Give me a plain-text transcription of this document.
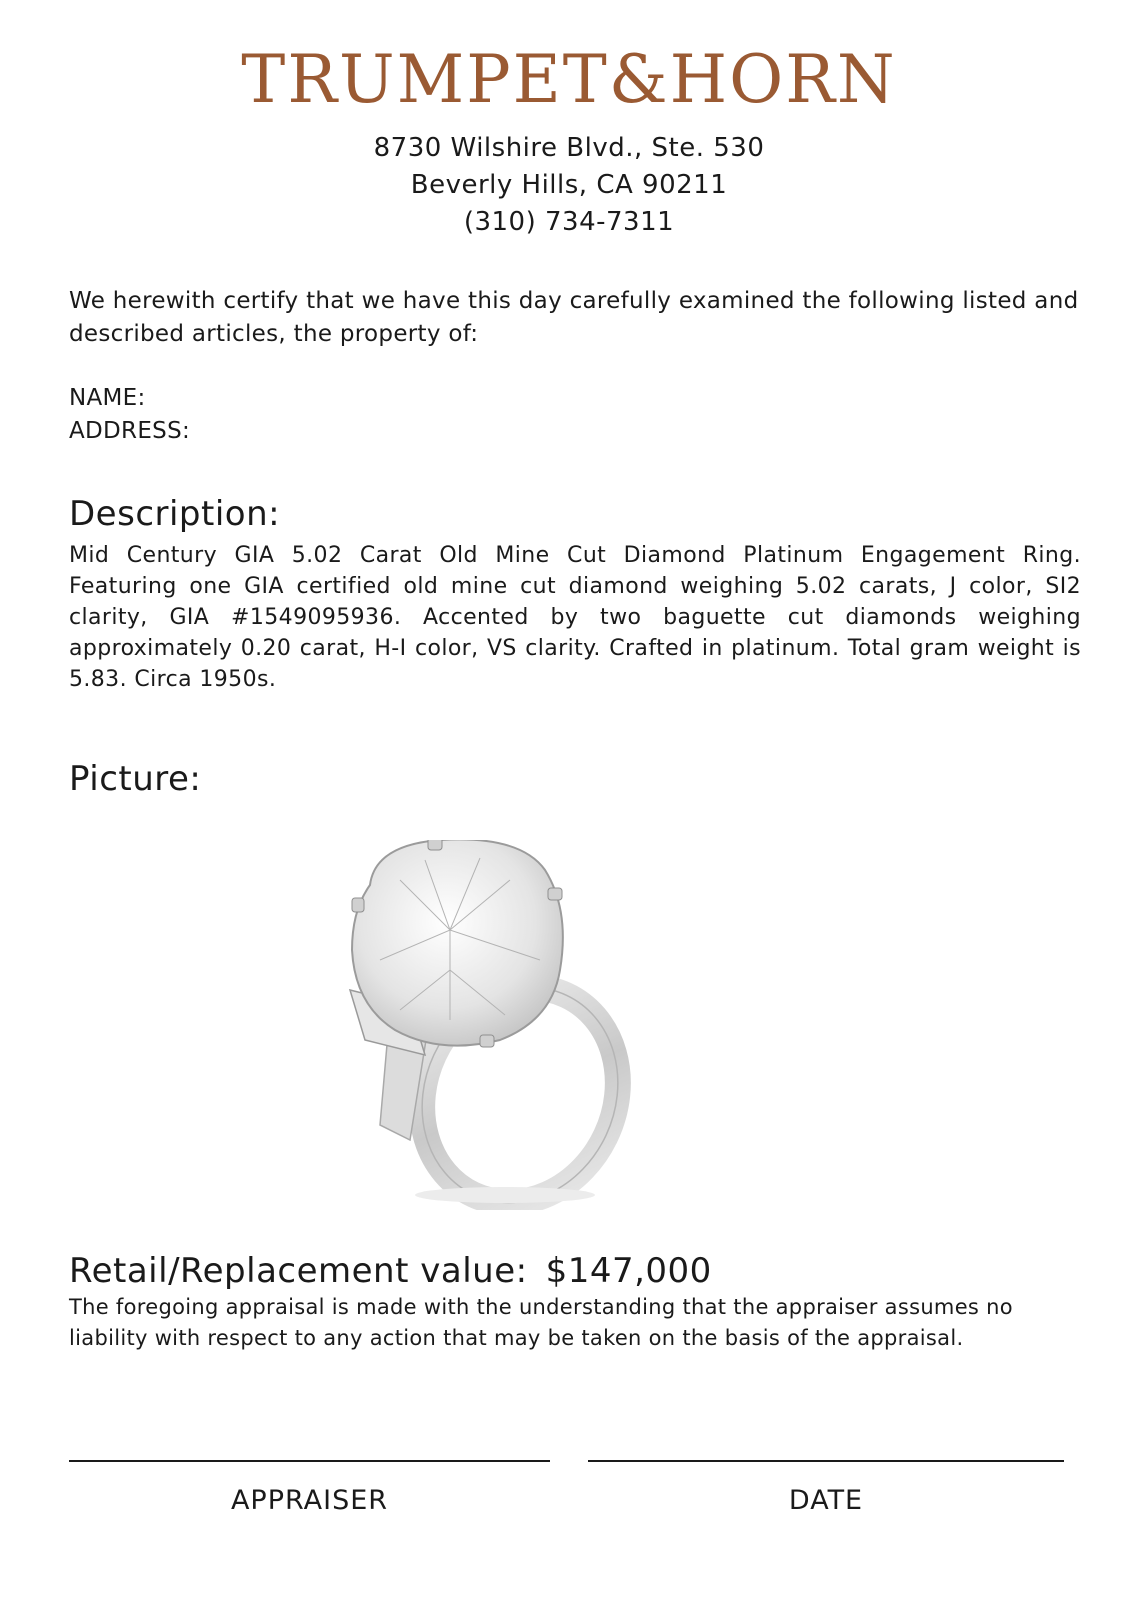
TRUMPET&HORN
8730 Wilshire Blvd., Ste. 530
Beverly Hills, CA 90211
(310) 734-7311
We herewith certify that we have this day carefully examined the following listed and described articles, the property of:
NAME:
ADDRESS:
Description:
Mid Century GIA 5.02 Carat Old Mine Cut Diamond Platinum Engagement Ring. Featuring one GIA certified old mine cut diamond weighing 5.02 carats, J color, SI2 clarity, GIA #1549095936. Accented by two baguette cut diamonds weighing approximately 0.20 carat, H-I color, VS clarity. Crafted in platinum. Total gram weight is 5.83. Circa 1950s.
Picture:
Retail/Replacement value: $147,000
The foregoing appraisal is made with the understanding that the appraiser assumes no liability with respect to any action that may be taken on the basis of the appraisal.
APPRAISER	DATE
